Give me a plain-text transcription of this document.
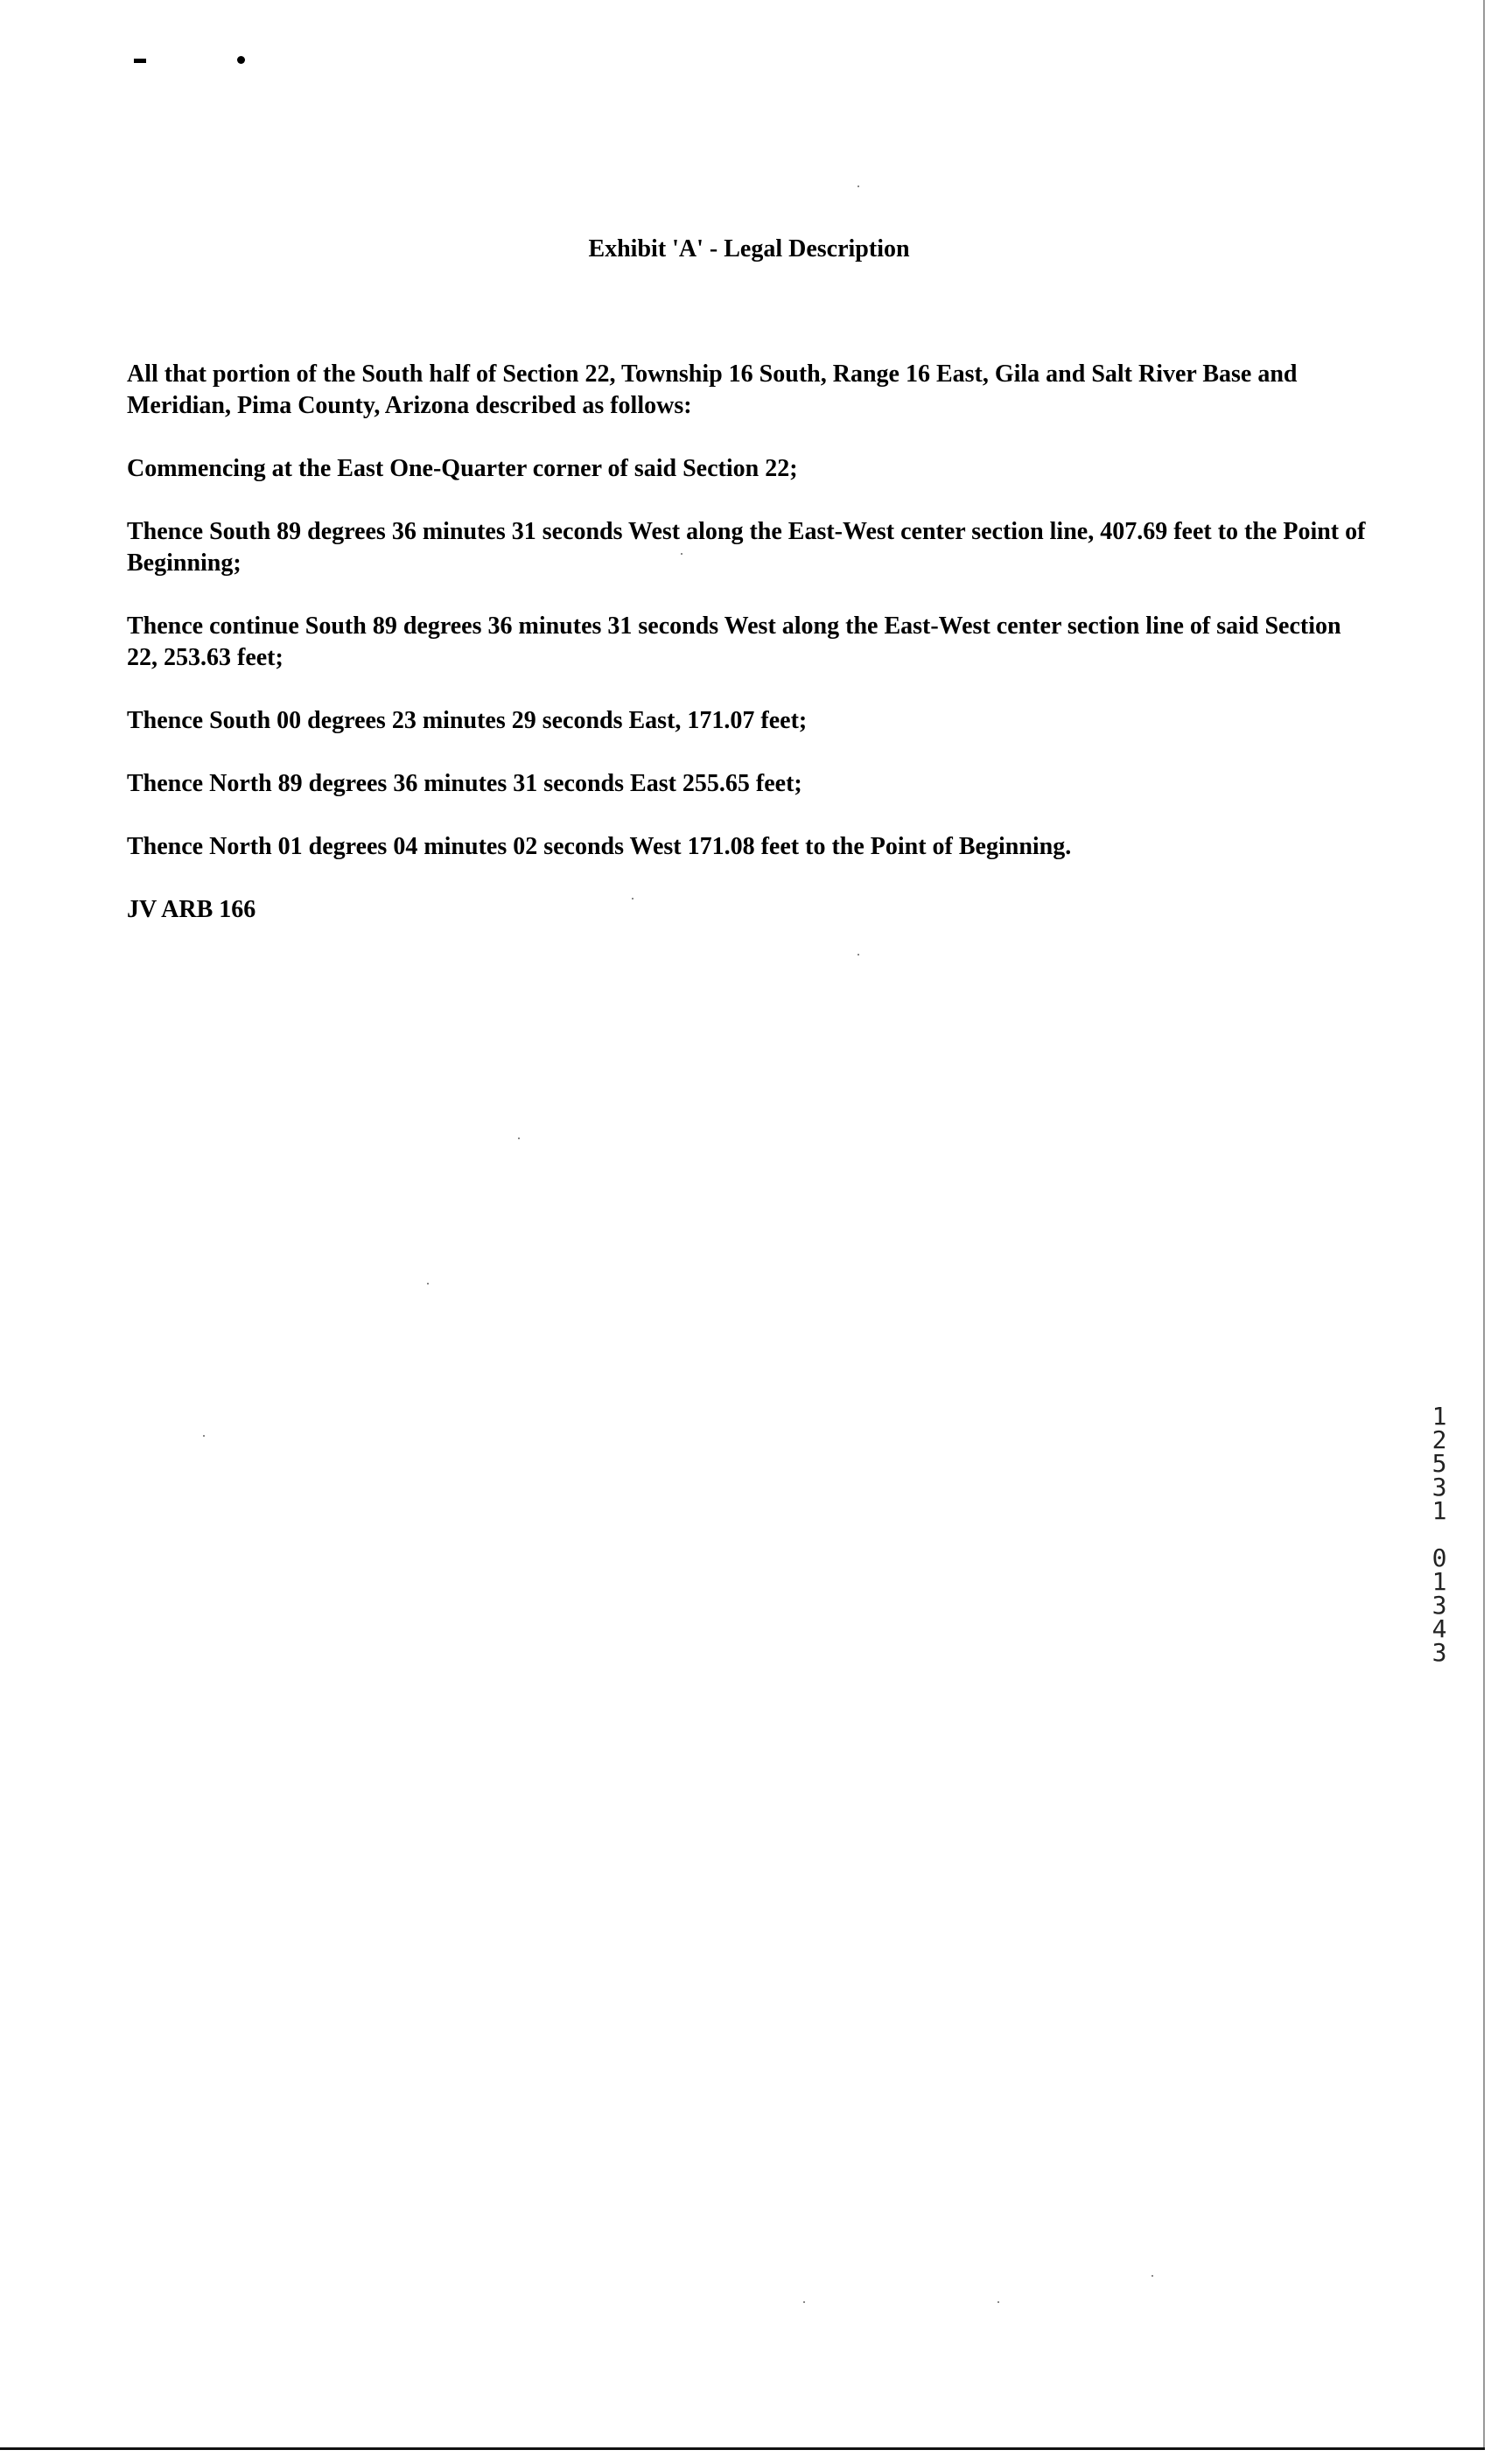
Exhibit 'A' - Legal Description

All that portion of the South half of Section 22, Township 16 South, Range 16 East, Gila and Salt River Base and Meridian, Pima County, Arizona described as follows:

Commencing at the East One-Quarter corner of said Section 22;

Thence South 89 degrees 36 minutes 31 seconds West along the East-West center section line, 407.69 feet to the Point of Beginning;

Thence continue South 89 degrees 36 minutes 31 seconds West along the East-West center section line of said Section 22, 253.63 feet;

Thence South 00 degrees 23 minutes 29 seconds East, 171.07 feet;

Thence North 89 degrees 36 minutes 31 seconds East 255.65 feet;

Thence North 01 degrees 04 minutes 02 seconds West 171.08 feet to the Point of Beginning.

JV ARB 166

1
2
5
3
1
0
1
3
4
3
